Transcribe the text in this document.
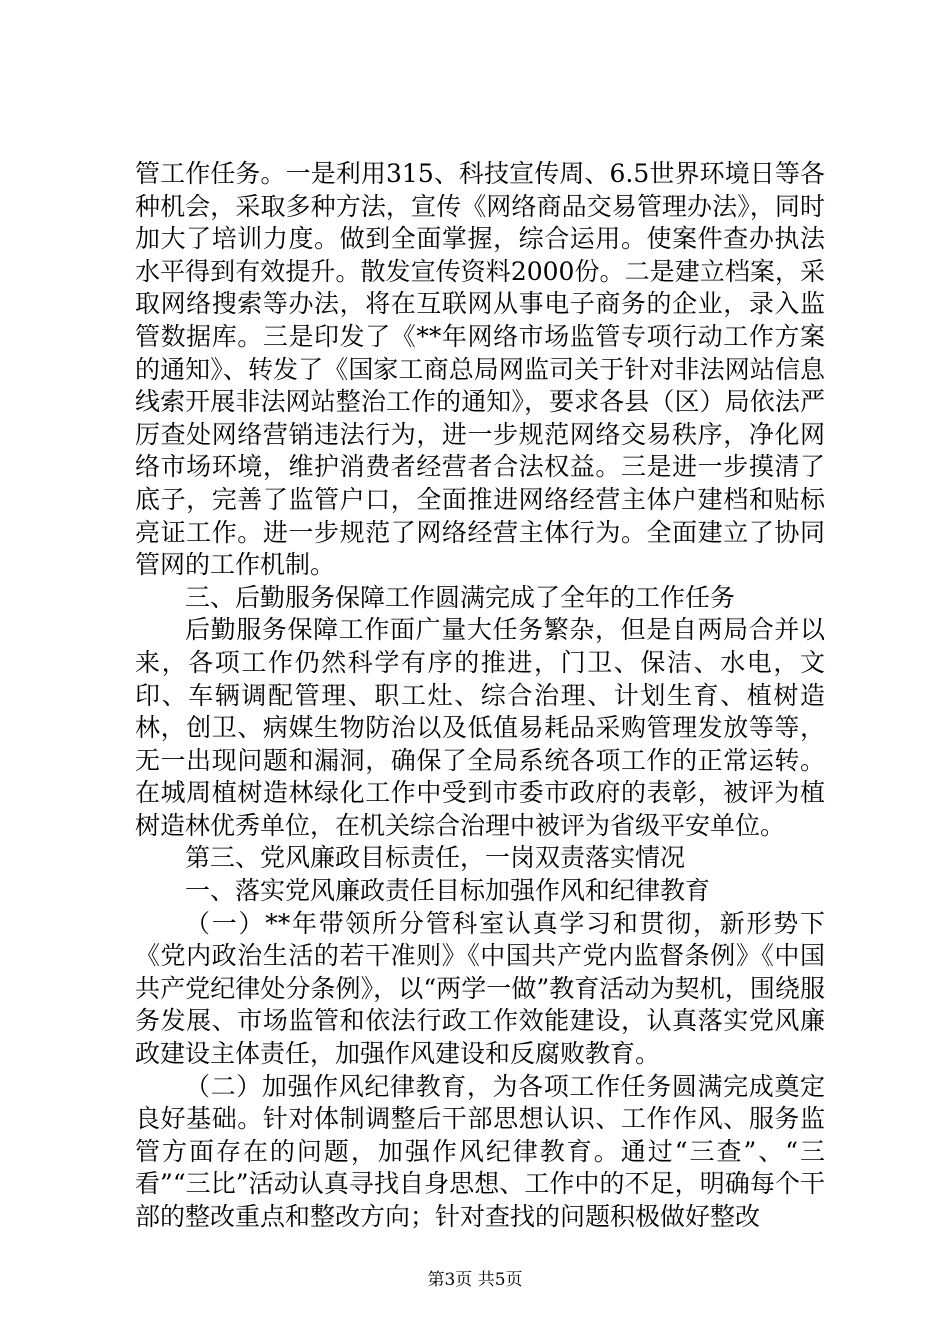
管工作任务。一是利用315、科技宣传周、6.5世界环境日等各种机会，采取多种方法，宣传《网络商品交易管理办法》，同时加大了培训力度。做到全面掌握，综合运用。使案件查办执法水平得到有效提升。散发宣传资料2000份。二是建立档案，采取网络搜索等办法，将在互联网从事电子商务的企业，录入监管数据库。三是印发了《**年网络市场监管专项行动工作方案的通知》、转发了《国家工商总局网监司关于针对非法网站信息线索开展非法网站整治工作的通知》，要求各县（区）局依法严厉查处网络营销违法行为，进一步规范网络交易秩序，净化网络市场环境，维护消费者经营者合法权益。三是进一步摸清了底子，完善了监管户口，全面推进网络经营主体户建档和贴标亮证工作。进一步规范了网络经营主体行为。全面建立了协同管网的工作机制。

三、后勤服务保障工作圆满完成了全年的工作任务

后勤服务保障工作面广量大任务繁杂，但是自两局合并以来，各项工作仍然科学有序的推进，门卫、保洁、水电，文印、车辆调配管理、职工灶、综合治理、计划生育、植树造林，创卫、病媒生物防治以及低值易耗品采购管理发放等等，无一出现问题和漏洞，确保了全局系统各项工作的正常运转。在城周植树造林绿化工作中受到市委市政府的表彰，被评为植树造林优秀单位，在机关综合治理中被评为省级平安单位。

第三、党风廉政目标责任，一岗双责落实情况

一、落实党风廉政责任目标加强作风和纪律教育

（一）**年带领所分管科室认真学习和贯彻，新形势下《党内政治生活的若干准则》《中国共产党内监督条例》《中国共产党纪律处分条例》，以“两学一做”教育活动为契机，围绕服务发展、市场监管和依法行政工作效能建设，认真落实党风廉政建设主体责任，加强作风建设和反腐败教育。

（二）加强作风纪律教育，为各项工作任务圆满完成奠定良好基础。针对体制调整后干部思想认识、工作作风、服务监管方面存在的问题，加强作风纪律教育。通过“三查”、“三看”“三比”活动认真寻找自身思想、工作中的不足，明确每个干部的整改重点和整改方向；针对查找的问题积极做好整改

第3页 共5页
